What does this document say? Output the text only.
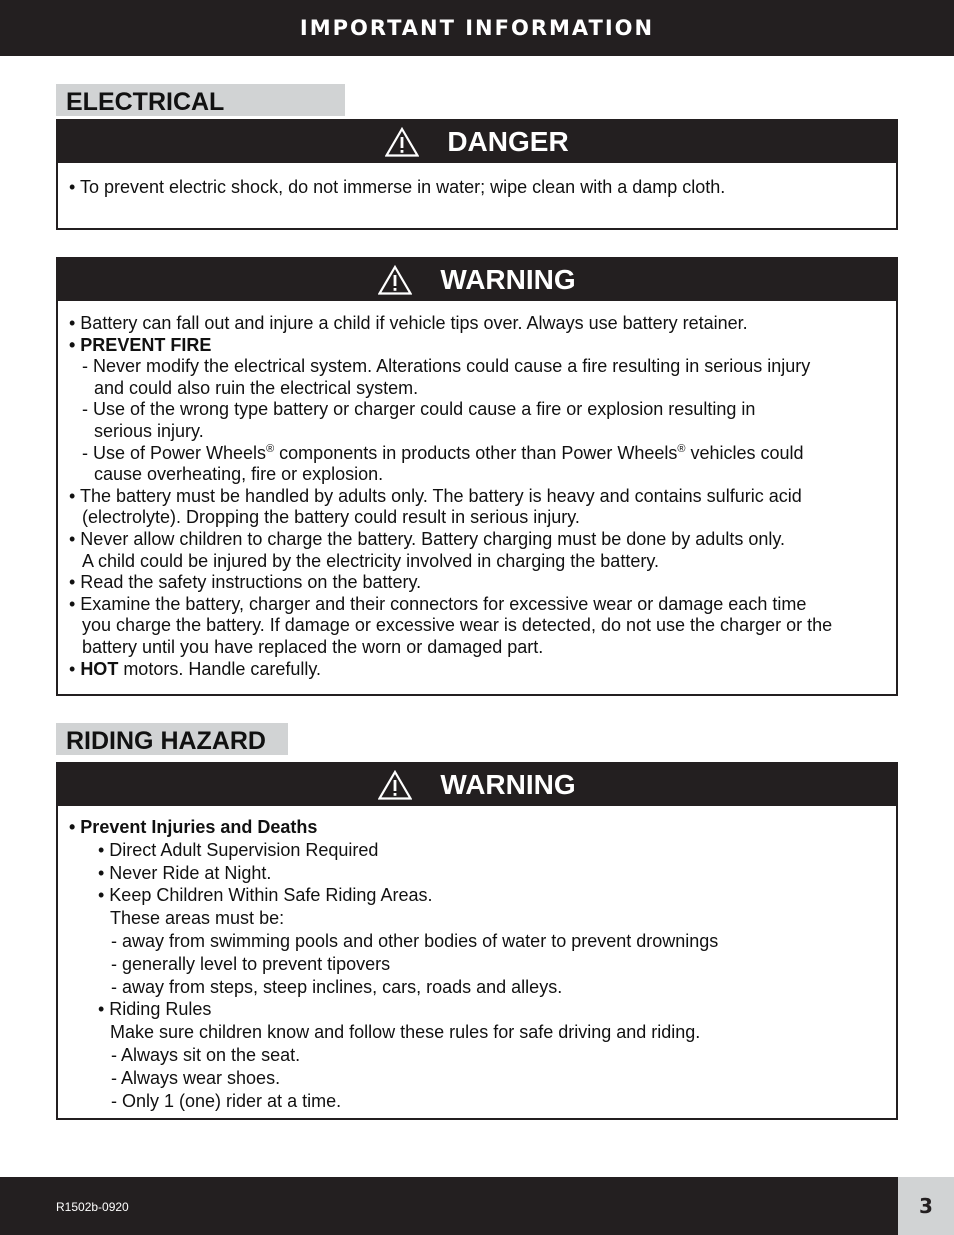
IMPORTANT INFORMATION
ELECTRICAL
DANGER
• To prevent electric shock, do not immerse in water; wipe clean with a damp cloth.
WARNING
• Battery can fall out and injure a child if vehicle tips over. Always use battery retainer.
• PREVENT FIRE
- Never modify the electrical system. Alterations could cause a fire resulting in serious injury
and could also ruin the electrical system.
- Use of the wrong type battery or charger could cause a fire or explosion resulting in
serious injury.
- Use of Power Wheels® components in products other than Power Wheels® vehicles could
cause overheating, fire or explosion.
• The battery must be handled by adults only. The battery is heavy and contains sulfuric acid
(electrolyte). Dropping the battery could result in serious injury.
• Never allow children to charge the battery. Battery charging must be done by adults only.
A child could be injured by the electricity involved in charging the battery.
• Read the safety instructions on the battery.
• Examine the battery, charger and their connectors for excessive wear or damage each time
you charge the battery. If damage or excessive wear is detected, do not use the charger or the
battery until you have replaced the worn or damaged part.
• HOT motors. Handle carefully.
RIDING HAZARD
WARNING
• Prevent Injuries and Deaths
• Direct Adult Supervision Required
• Never Ride at Night.
• Keep Children Within Safe Riding Areas.
These areas must be:
- away from swimming pools and other bodies of water to prevent drownings
- generally level to prevent tipovers
- away from steps, steep inclines, cars, roads and alleys.
• Riding Rules
Make sure children know and follow these rules for safe driving and riding.
- Always sit on the seat.
- Always wear shoes.
- Only 1 (one) rider at a time.
R1502b-0920	3
